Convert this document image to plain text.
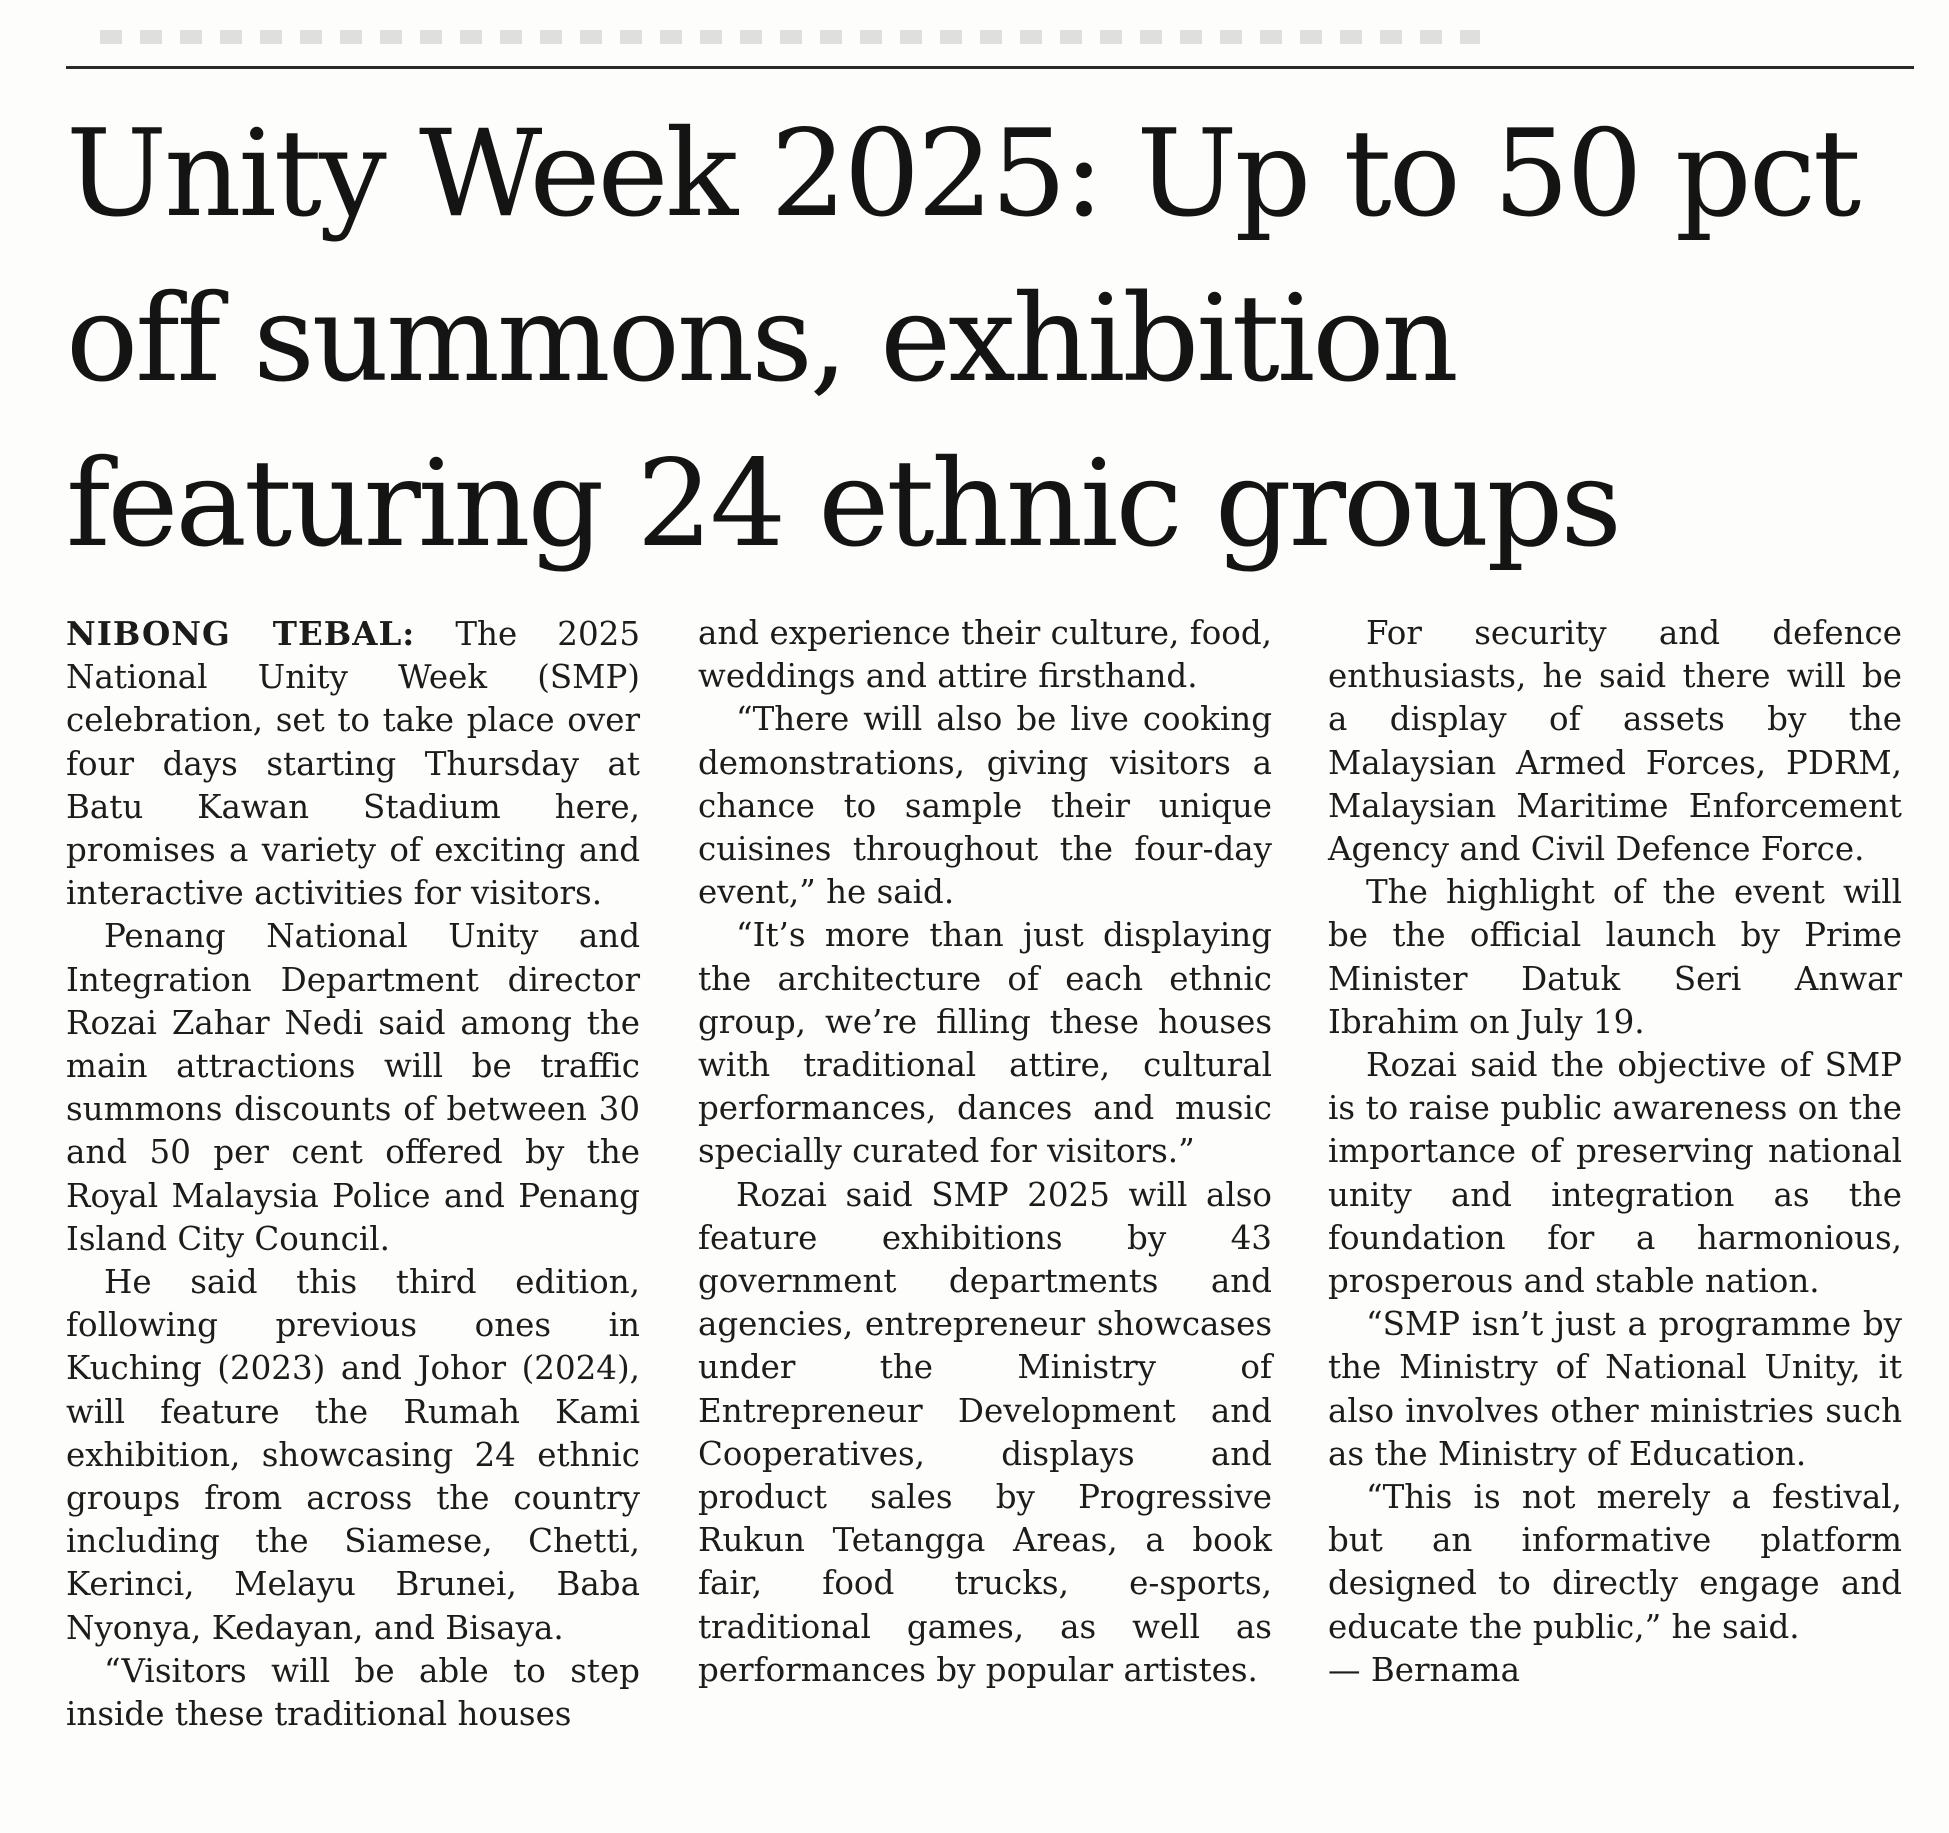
Unity Week 2025: Up to 50 pct
off summons, exhibition
featuring 24 ethnic groups

NIBONG TEBAL: The 2025 National Unity Week (SMP) celebration, set to take place over four days starting Thursday at Batu Kawan Stadium here, promises a variety of exciting and interactive activities for visitors.

Penang National Unity and Integration Department director Rozai Zahar Nedi said among the main attractions will be traffic summons discounts of between 30 and 50 per cent offered by the Royal Malaysia Police and Penang Island City Council.

He said this third edition, following previous ones in Kuching (2023) and Johor (2024), will feature the Rumah Kami exhibition, showcasing 24 ethnic groups from across the country including the Siamese, Chetti, Kerinci, Melayu Brunei, Baba Nyonya, Kedayan, and Bisaya.

“Visitors will be able to step inside these traditional houses

and experience their culture, food, weddings and attire firsthand.

“There will also be live cooking demonstrations, giving visitors a chance to sample their unique cuisines throughout the four-day event,” he said.

“It’s more than just displaying the architecture of each ethnic group, we’re filling these houses with traditional attire, cultural performances, dances and music specially curated for visitors.”

Rozai said SMP 2025 will also feature exhibitions by 43 government departments and agencies, entrepreneur showcases under the Ministry of Entrepreneur Development and Cooperatives, displays and product sales by Progressive Rukun Tetangga Areas, a book fair, food trucks, e-sports, traditional games, as well as performances by popular artistes.

For security and defence enthusiasts, he said there will be a display of assets by the Malaysian Armed Forces, PDRM, Malaysian Maritime Enforcement Agency and Civil Defence Force.

The highlight of the event will be the official launch by Prime Minister Datuk Seri Anwar Ibrahim on July 19.

Rozai said the objective of SMP is to raise public awareness on the importance of preserving national unity and integration as the foundation for a harmonious, prosperous and stable nation.

“SMP isn’t just a programme by the Ministry of National Unity, it also involves other ministries such as the Ministry of Education.

“This is not merely a festival, but an informative platform designed to directly engage and educate the public,” he said.

— Bernama
